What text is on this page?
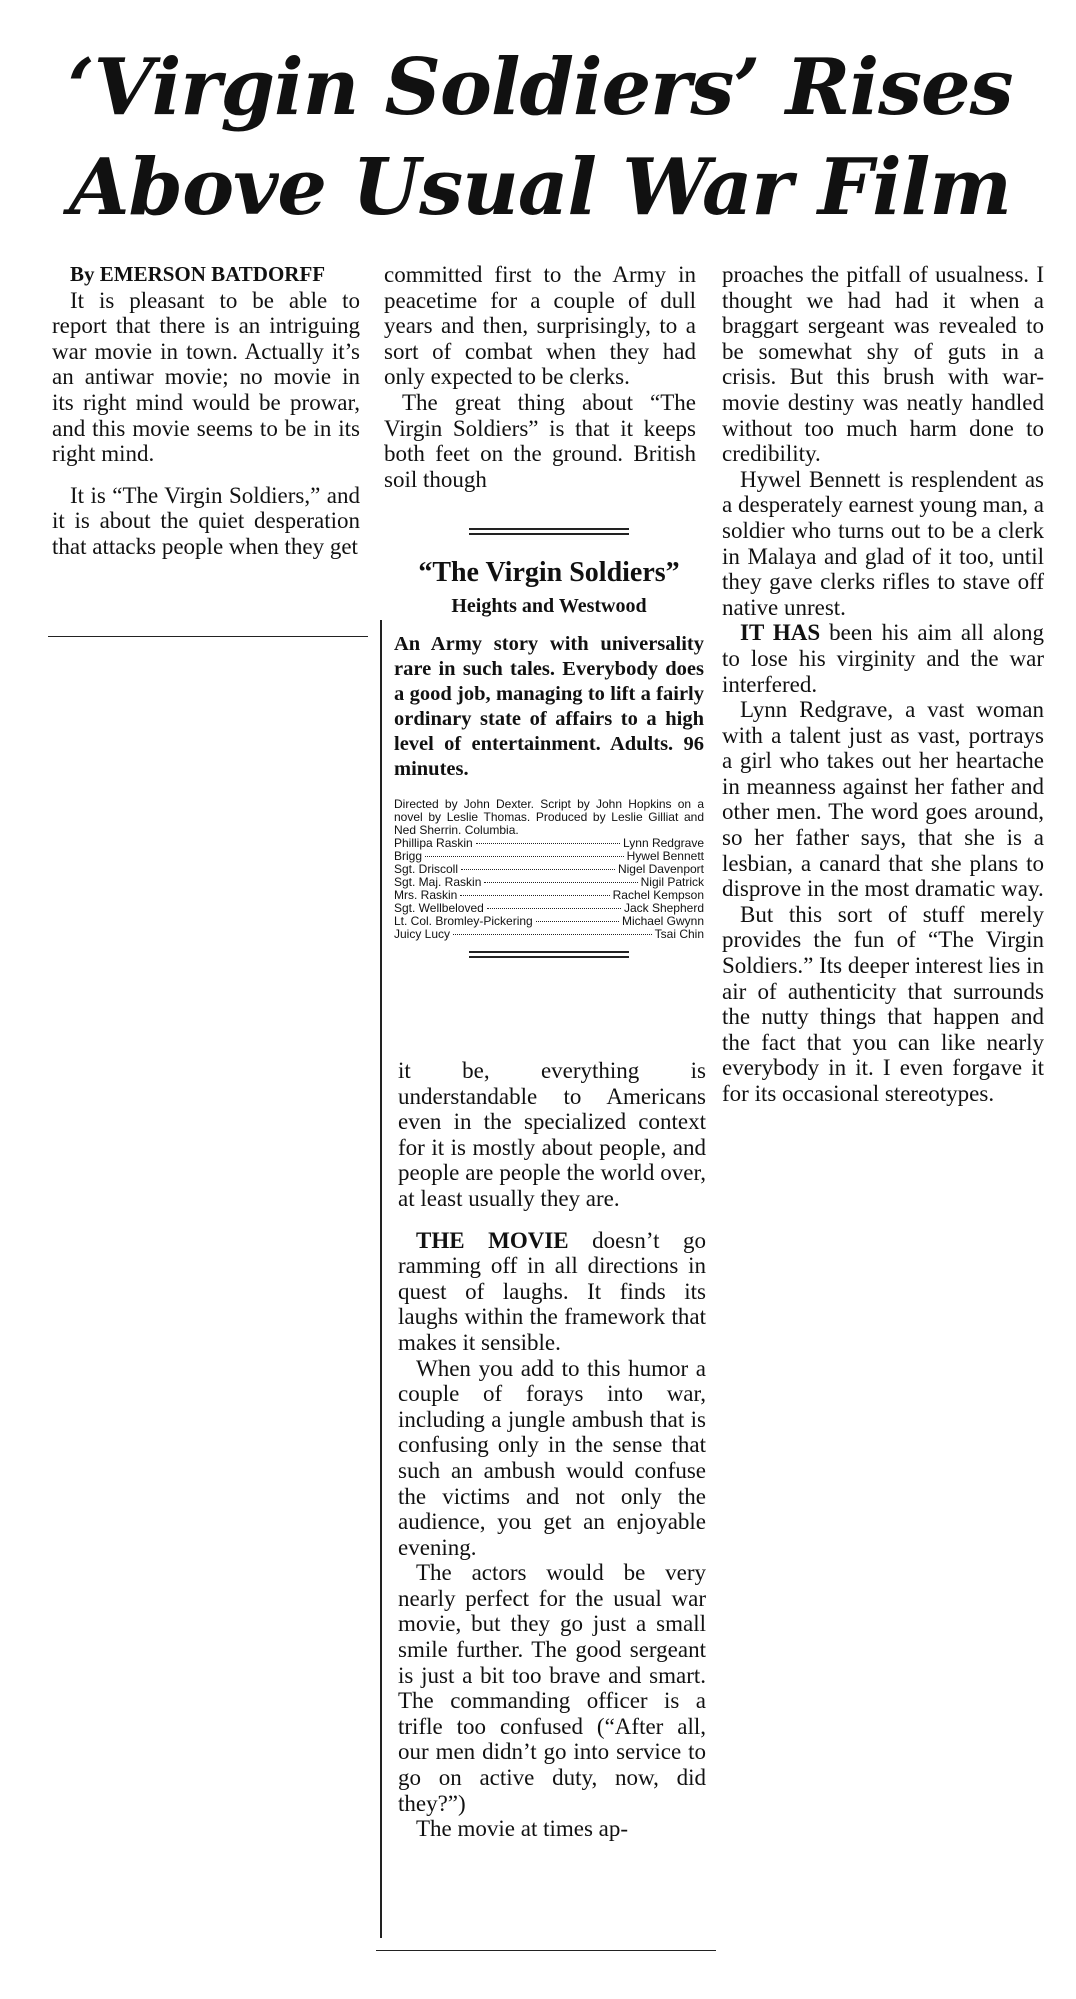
‘Virgin Soldiers’ Rises Above Usual War Film

By EMERSON BATDORFF

It is pleasant to be able to report that there is an intriguing war movie in town. Actually it’s an antiwar movie; no movie in its right mind would be prowar, and this movie seems to be in its right mind.

It is “The Virgin Soldiers,” and it is about the quiet desperation that attacks people when they get

committed first to the Army in peacetime for a couple of dull years and then, surprisingly, to a sort of combat when they had only expected to be clerks.

The great thing about “The Virgin Soldiers” is that it keeps both feet on the ground. British soil though

“The Virgin Soldiers”
Heights and Westwood
An Army story with universality rare in such tales. Everybody does a good job, managing to lift a fairly ordinary state of affairs to a high level of entertainment. Adults. 96 minutes.

Directed by John Dexter. Script by John Hopkins on a novel by Leslie Thomas. Produced by Leslie Gilliat and Ned Sherrin. Columbia.

Phillipa Raskin	Lynn Redgrave
Brigg	Hywel Bennett
Sgt. Driscoll	Nigel Davenport
Sgt. Maj. Raskin	Nigil Patrick
Mrs. Raskin	Rachel Kempson
Sgt. Wellbeloved	Jack Shepherd
Lt. Col. Bromley-Pickering	Michael Gwynn
Juicy Lucy	Tsai Chin

it be, everything is understandable to Americans even in the specialized context for it is mostly about people, and people are people the world over, at least usually they are.

THE MOVIE doesn’t go ramming off in all directions in quest of laughs. It finds its laughs within the framework that makes it sensible.

When you add to this humor a couple of forays into war, including a jungle ambush that is confusing only in the sense that such an ambush would confuse the victims and not only the audience, you get an enjoyable evening.

The actors would be very nearly perfect for the usual war movie, but they go just a small smile further. The good sergeant is just a bit too brave and smart. The commanding officer is a trifle too confused (“After all, our men didn’t go into service to go on active duty, now, did they?”)

The movie at times ap-

proaches the pitfall of usualness. I thought we had had it when a braggart sergeant was revealed to be somewhat shy of guts in a crisis. But this brush with war-movie destiny was neatly handled without too much harm done to credibility.

Hywel Bennett is resplendent as a desperately earnest young man, a soldier who turns out to be a clerk in Malaya and glad of it too, until they gave clerks rifles to stave off native unrest.

IT HAS been his aim all along to lose his virginity and the war interfered.

Lynn Redgrave, a vast woman with a talent just as vast, portrays a girl who takes out her heartache in meanness against her father and other men. The word goes around, so her father says, that she is a lesbian, a canard that she plans to disprove in the most dramatic way.

But this sort of stuff merely provides the fun of “The Virgin Soldiers.” Its deeper interest lies in air of authenticity that surrounds the nutty things that happen and the fact that you can like nearly everybody in it. I even forgave it for its occasional stereotypes.
